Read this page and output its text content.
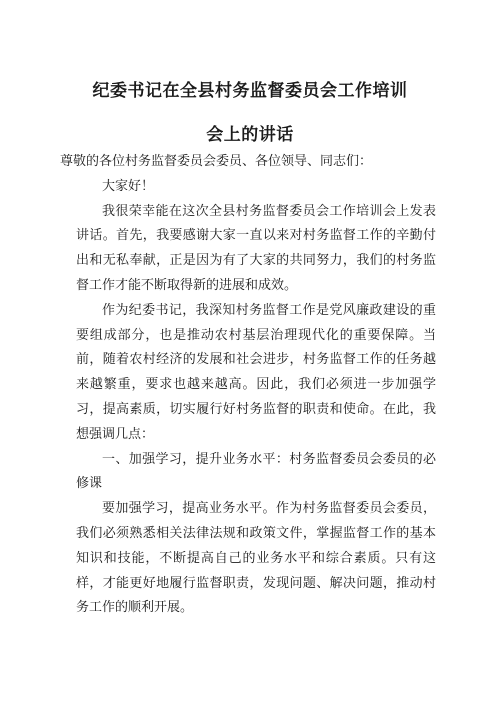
纪委书记在全县村务监督委员会工作培训
会上的讲话

尊敬的各位村务监督委员会委员、各位领导、同志们：

大家好！

我很荣幸能在这次全县村务监督委员会工作培训会上发表讲话。首先，我要感谢大家一直以来对村务监督工作的辛勤付出和无私奉献，正是因为有了大家的共同努力，我们的村务监督工作才能不断取得新的进展和成效。

作为纪委书记，我深知村务监督工作是党风廉政建设的重要组成部分，也是推动农村基层治理现代化的重要保障。当前，随着农村经济的发展和社会进步，村务监督工作的任务越来越繁重，要求也越来越高。因此，我们必须进一步加强学习，提高素质，切实履行好村务监督的职责和使命。在此，我想强调几点：

一、加强学习，提升业务水平：村务监督委员会委员的必修课

要加强学习，提高业务水平。作为村务监督委员会委员，我们必须熟悉相关法律法规和政策文件，掌握监督工作的基本知识和技能，不断提高自己的业务水平和综合素质。只有这样，才能更好地履行监督职责，发现问题、解决问题，推动村务工作的顺利开展。
